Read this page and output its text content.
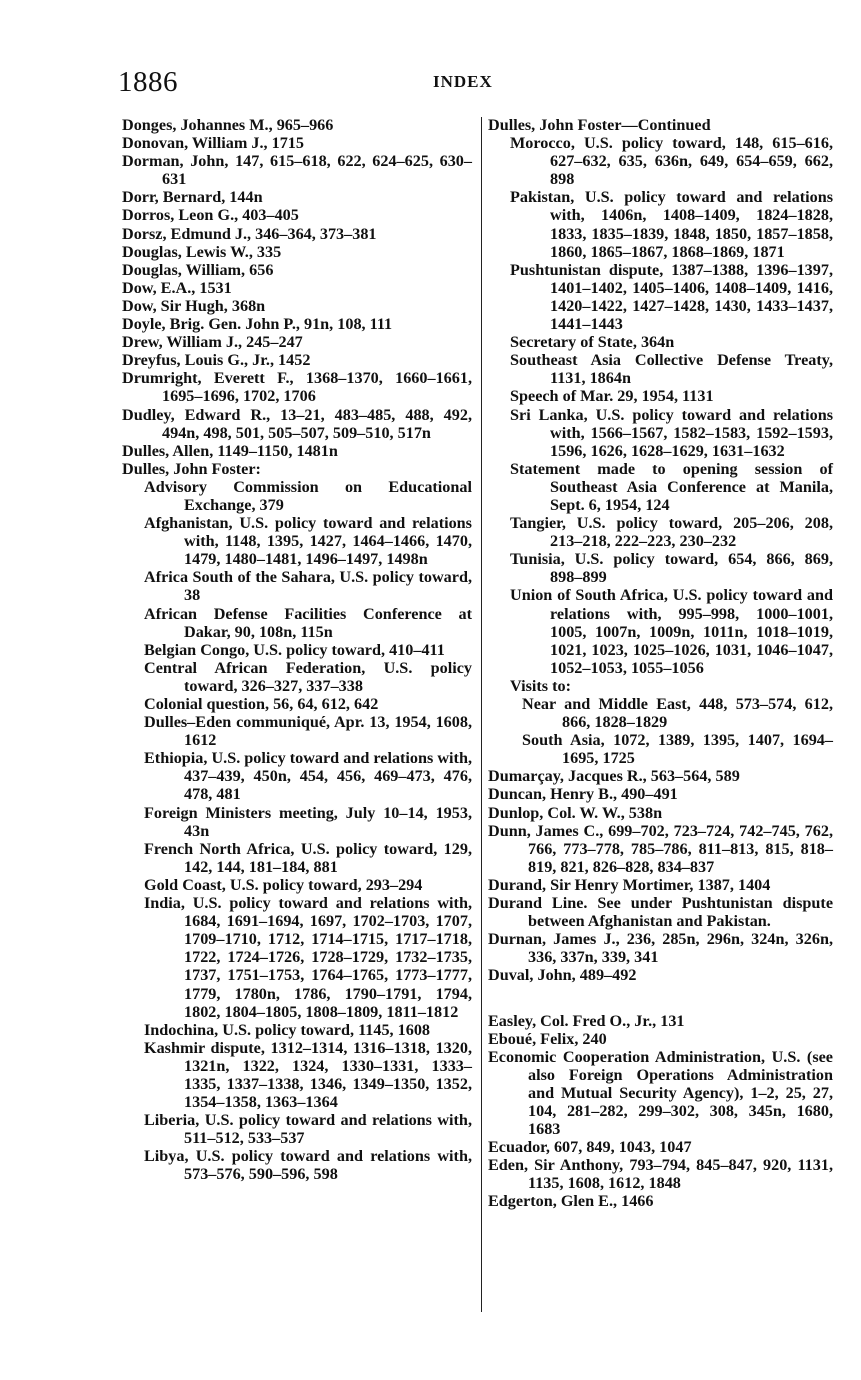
1886	INDEX
Donges, Johannes M., 965–966
Donovan, William J., 1715
Dorman, John, 147, 615–618, 622, 624–625, 630–631
Dorr, Bernard, 144n
Dorros, Leon G., 403–405
Dorsz, Edmund J., 346–364, 373–381
Douglas, Lewis W., 335
Douglas, William, 656
Dow, E.A., 1531
Dow, Sir Hugh, 368n
Doyle, Brig. Gen. John P., 91n, 108, 111
Drew, William J., 245–247
Dreyfus, Louis G., Jr., 1452
Drumright, Everett F., 1368–1370, 1660–1661, 1695–1696, 1702, 1706
Dudley, Edward R., 13–21, 483–485, 488, 492, 494n, 498, 501, 505–507, 509–510, 517n
Dulles, Allen, 1149–1150, 1481n
Dulles, John Foster:
Advisory Commission on Educational Exchange, 379
Afghanistan, U.S. policy toward and relations with, 1148, 1395, 1427, 1464–1466, 1470, 1479, 1480–1481, 1496–1497, 1498n
Africa South of the Sahara, U.S. policy toward, 38
African Defense Facilities Conference at Dakar, 90, 108n, 115n
Belgian Congo, U.S. policy toward, 410–411
Central African Federation, U.S. policy toward, 326–327, 337–338
Colonial question, 56, 64, 612, 642
Dulles–Eden communiqué, Apr. 13, 1954, 1608, 1612
Ethiopia, U.S. policy toward and relations with, 437–439, 450n, 454, 456, 469–473, 476, 478, 481
Foreign Ministers meeting, July 10–14, 1953, 43n
French North Africa, U.S. policy toward, 129, 142, 144, 181–184, 881
Gold Coast, U.S. policy toward, 293–294
India, U.S. policy toward and relations with, 1684, 1691–1694, 1697, 1702–1703, 1707, 1709–1710, 1712, 1714–1715, 1717–1718, 1722, 1724–1726, 1728–1729, 1732–1735, 1737, 1751–1753, 1764–1765, 1773–1777, 1779, 1780n, 1786, 1790–1791, 1794, 1802, 1804–1805, 1808–1809, 1811–1812
Indochina, U.S. policy toward, 1145, 1608
Kashmir dispute, 1312–1314, 1316–1318, 1320, 1321n, 1322, 1324, 1330–1331, 1333–1335, 1337–1338, 1346, 1349–1350, 1352, 1354–1358, 1363–1364
Liberia, U.S. policy toward and relations with, 511–512, 533–537
Libya, U.S. policy toward and relations with, 573–576, 590–596, 598
Dulles, John Foster—Continued
Morocco, U.S. policy toward, 148, 615–616, 627–632, 635, 636n, 649, 654–659, 662, 898
Pakistan, U.S. policy toward and relations with, 1406n, 1408–1409, 1824–1828, 1833, 1835–1839, 1848, 1850, 1857–1858, 1860, 1865–1867, 1868–1869, 1871
Pushtunistan dispute, 1387–1388, 1396–1397, 1401–1402, 1405–1406, 1408–1409, 1416, 1420–1422, 1427–1428, 1430, 1433–1437, 1441–1443
Secretary of State, 364n
Southeast Asia Collective Defense Treaty, 1131, 1864n
Speech of Mar. 29, 1954, 1131
Sri Lanka, U.S. policy toward and relations with, 1566–1567, 1582–1583, 1592–1593, 1596, 1626, 1628–1629, 1631–1632
Statement made to opening session of Southeast Asia Conference at Manila, Sept. 6, 1954, 124
Tangier, U.S. policy toward, 205–206, 208, 213–218, 222–223, 230–232
Tunisia, U.S. policy toward, 654, 866, 869, 898–899
Union of South Africa, U.S. policy toward and relations with, 995–998, 1000–1001, 1005, 1007n, 1009n, 1011n, 1018–1019, 1021, 1023, 1025–1026, 1031, 1046–1047, 1052–1053, 1055–1056
Visits to:
Near and Middle East, 448, 573–574, 612, 866, 1828–1829
South Asia, 1072, 1389, 1395, 1407, 1694–1695, 1725
Dumarçay, Jacques R., 563–564, 589
Duncan, Henry B., 490–491
Dunlop, Col. W. W., 538n
Dunn, James C., 699–702, 723–724, 742–745, 762, 766, 773–778, 785–786, 811–813, 815, 818–819, 821, 826–828, 834–837
Durand, Sir Henry Mortimer, 1387, 1404
Durand Line. See under Pushtunistan dispute between Afghanistan and Pakistan.
Durnan, James J., 236, 285n, 296n, 324n, 326n, 336, 337n, 339, 341
Duval, John, 489–492
Easley, Col. Fred O., Jr., 131
Eboué, Felix, 240
Economic Cooperation Administration, U.S. (see also Foreign Operations Administration and Mutual Security Agency), 1–2, 25, 27, 104, 281–282, 299–302, 308, 345n, 1680, 1683
Ecuador, 607, 849, 1043, 1047
Eden, Sir Anthony, 793–794, 845–847, 920, 1131, 1135, 1608, 1612, 1848
Edgerton, Glen E., 1466
